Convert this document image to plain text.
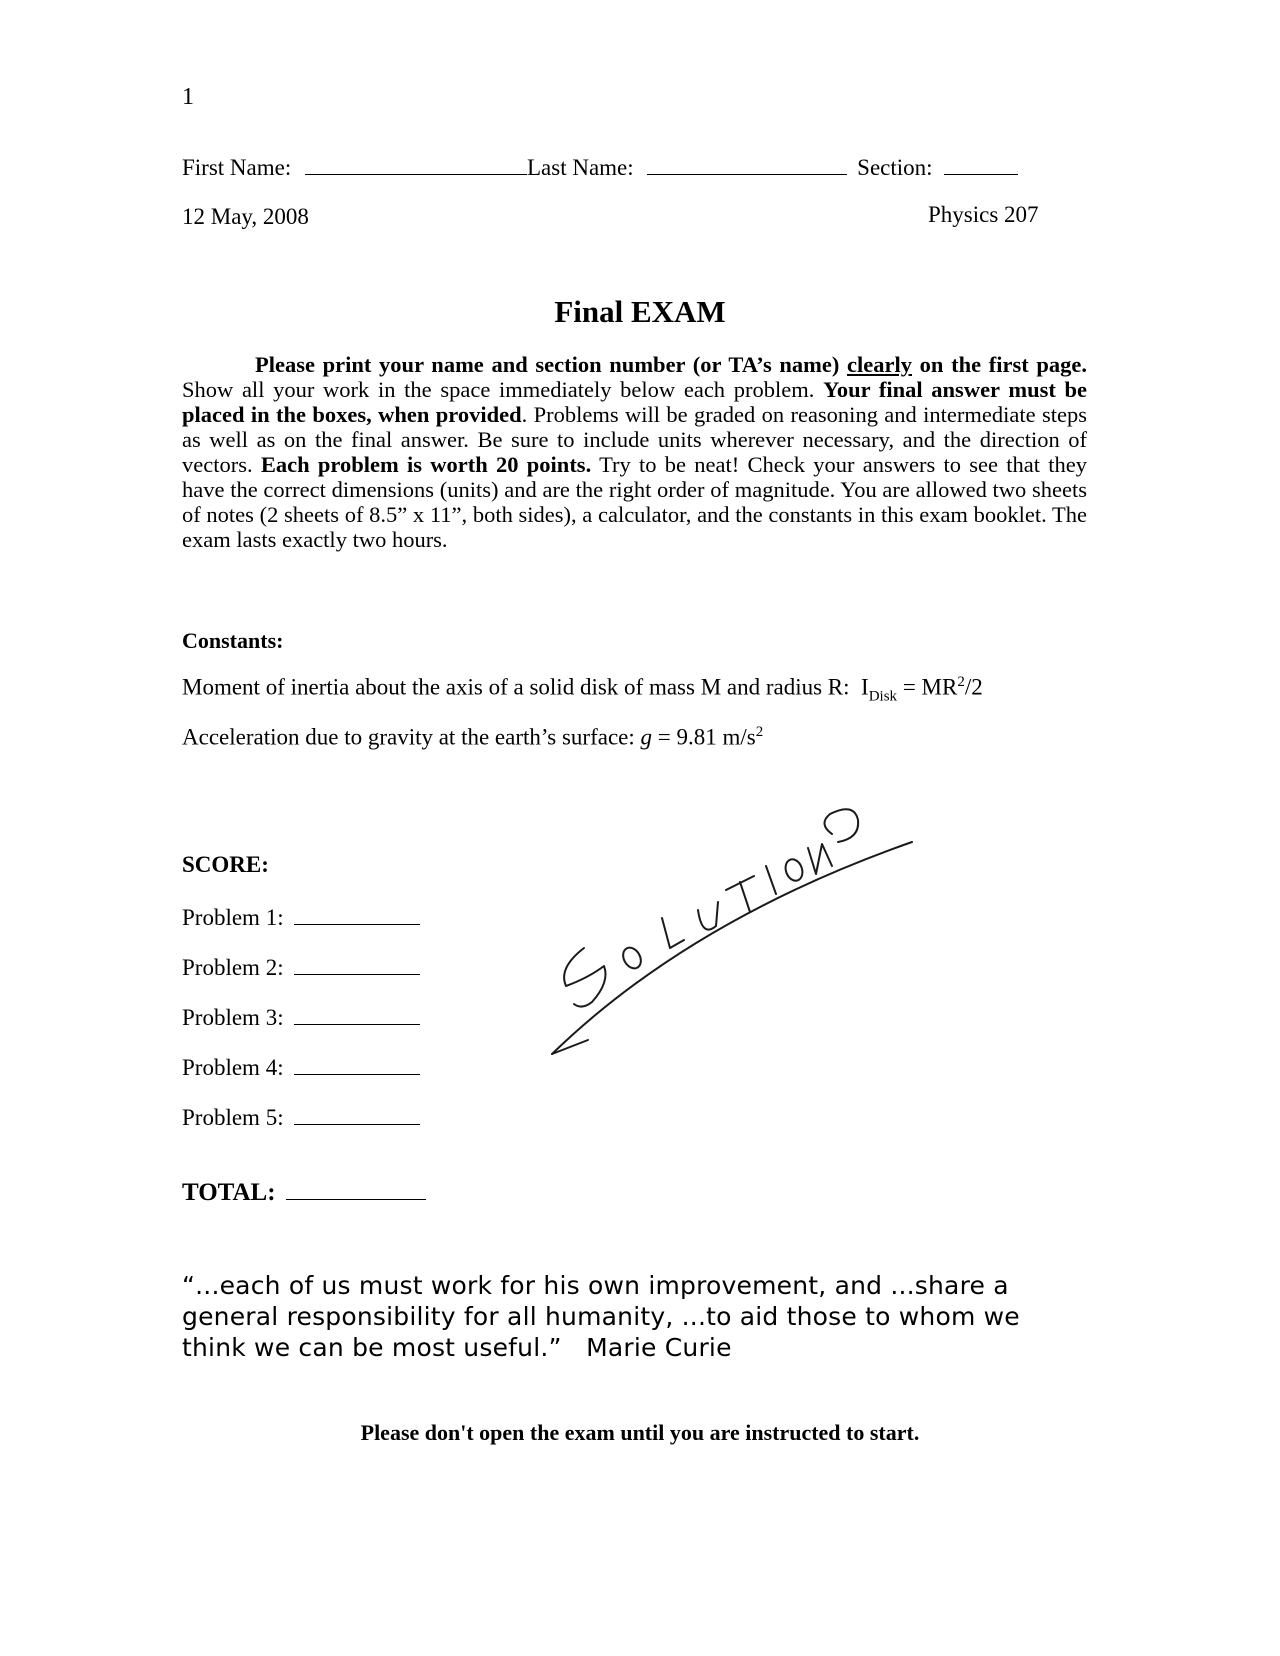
1
First Name:	Last Name:	Section:
12 May, 2008	Physics 207
Final EXAM
Please print your name and section number (or TA’s name) clearly on the first page. Show all your work in the space immediately below each problem. Your final answer must be placed in the boxes, when provided. Problems will be graded on reasoning and intermediate steps as well as on the final answer. Be sure to include units wherever necessary, and the direction of vectors. Each problem is worth 20 points. Try to be neat! Check your answers to see that they have the correct dimensions (units) and are the right order of magnitude. You are allowed two sheets of notes (2 sheets of 8.5” x 11”, both sides), a calculator, and the constants in this exam booklet. The exam lasts exactly two hours.
Constants:
Moment of inertia about the axis of a solid disk of mass M and radius R: $I_{Disk} = MR^2/2$
Acceleration due to gravity at the earth’s surface: g = 9.81 $m/s^2$
SCORE:
Problem 1:
Problem 2:
Problem 3:
Problem 4:
Problem 5:
TOTAL:
“...each of us must work for his own improvement, and ...share a general responsibility for all humanity, ...to aid those to whom we think we can be most useful.” Marie Curie
Please don't open the exam until you are instructed to start.
